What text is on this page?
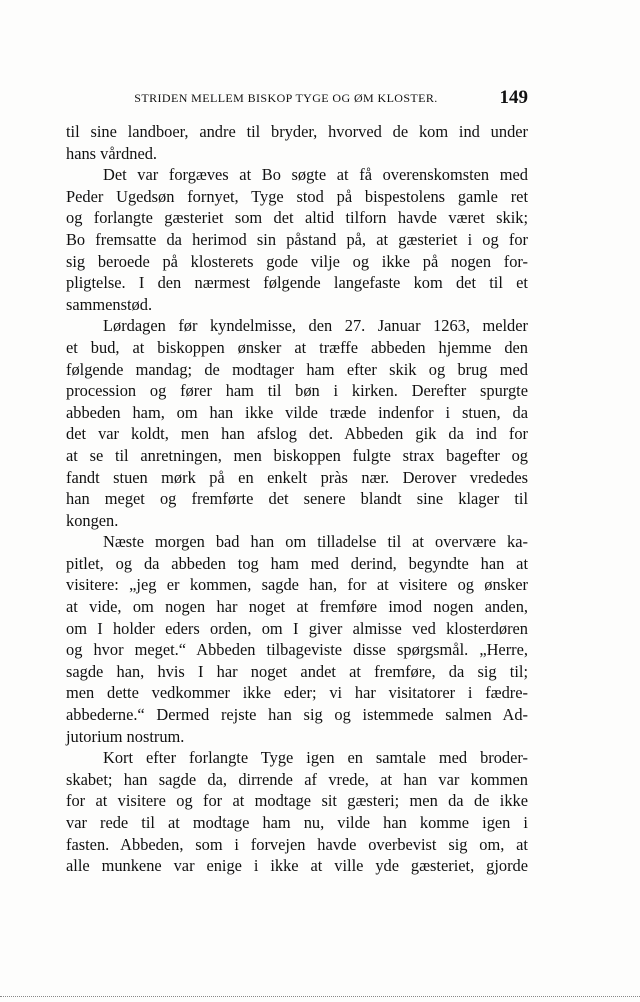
STRIDEN MELLEM BISKOP TYGE OG ØM KLOSTER.	149
til sine landboer, andre til bryder, hvorved de kom ind under
hans vårdned.
Det var forgæves at Bo søgte at få overenskomsten med
Peder Ugedsøn fornyet, Tyge stod på bispestolens gamle ret
og forlangte gæsteriet som det altid tilforn havde været skik;
Bo fremsatte da herimod sin påstand på, at gæsteriet i og for
sig beroede på klosterets gode vilje og ikke på nogen for-
pligtelse. I den nærmest følgende langefaste kom det til et
sammenstød.
Lørdagen før kyndelmisse, den 27. Januar 1263, melder
et bud, at biskoppen ønsker at træffe abbeden hjemme den
følgende mandag; de modtager ham efter skik og brug med
procession og fører ham til bøn i kirken. Derefter spurgte
abbeden ham, om han ikke vilde træde indenfor i stuen, da
det var koldt, men han afslog det. Abbeden gik da ind for
at se til anretningen, men biskoppen fulgte strax bagefter og
fandt stuen mørk på en enkelt pràs nær. Derover vrededes
han meget og fremførte det senere blandt sine klager til
kongen.
Næste morgen bad han om tilladelse til at overvære ka-
pitlet, og da abbeden tog ham med derind, begyndte han at
visitere: „jeg er kommen, sagde han, for at visitere og ønsker
at vide, om nogen har noget at fremføre imod nogen anden,
om I holder eders orden, om I giver almisse ved klosterdøren
og hvor meget.“ Abbeden tilbageviste disse spørgsmål. „Herre,
sagde han, hvis I har noget andet at fremføre, da sig til;
men dette vedkommer ikke eder; vi har visitatorer i fædre-
abbederne.“ Dermed rejste han sig og istemmede salmen Ad-
jutorium nostrum.
Kort efter forlangte Tyge igen en samtale med broder-
skabet; han sagde da, dirrende af vrede, at han var kommen
for at visitere og for at modtage sit gæsteri; men da de ikke
var rede til at modtage ham nu, vilde han komme igen i
fasten. Abbeden, som i forvejen havde overbevist sig om, at
alle munkene var enige i ikke at ville yde gæsteriet, gjorde
